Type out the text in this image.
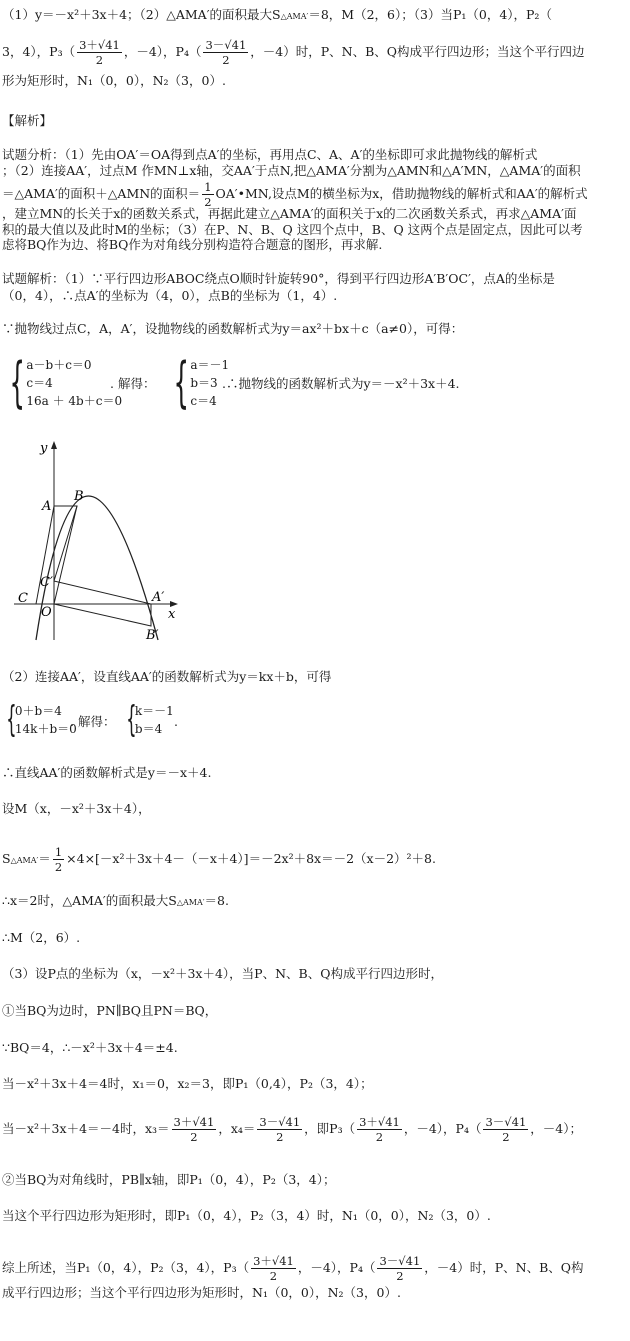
（1）y＝－x²＋3x＋4；（2）△AMA′的面积最大S△AMA′＝8，M（2，6）；（3）当P₁（0，4），P₂（
3，4），$P_3( \frac{3+√41}{2}$ ，－4），$P_4( \frac{3-√41}{2}$ ，－4）时，P、N、B、Q构成平行四边形；当这个平行四边
形为矩形时，N₁（0，0），N₂（3，0）.
【解析】
试题分析：（1）先由OA′＝OA得到点A′的坐标，再用点C、A、A′的坐标即可求此抛物线的解析式
；（2）连接AA′，过点M 作MN⊥x轴，交AA′于点N,把△AMA′分割为△AMN和△A′MN，△AMA′的面积
＝△AMA′的面积＋△AMN的面积＝ $\frac{1}{2}$ OA′•MN,设点M的横坐标为x，借助抛物线的解析式和AA′的解析式
，建立MN的长关于x的函数关系式，再据此建立△AMA′的面积关于x的二次函数关系式，再求△AMA′面
积的最大值以及此时M的坐标；（3）在P、N、B、Q 这四个点中，B、Q 这两个点是固定点，因此可以考
虑将BQ作为边、将BQ作为对角线分别构造符合题意的图形，再求解.
试题解析：（1）∵平行四边形ABOC绕点O顺时针旋转90°，得到平行四边形A′B′OC′，点A的坐标是
（0，4），∴点A′的坐标为（4，0），点B的坐标为（1，4）.
∵抛物线过点C，A，A′，设抛物线的函数解析式为y＝ax²＋bx＋c（a≠0），可得：
{ a－b＋c＝0
c＝4
16a ＋ 4b＋c＝0
. 解得： { a＝－1
b＝3
c＝4
.∴抛物线的函数解析式为y＝－x²＋3x＋4.
y
x
A
B
C
O
C′
A′
B′
（2）连接AA′，设直线AA′的函数解析式为y＝kx＋b，可得
{
0＋b＝4
14k＋b＝0
. 解得： {
k＝－1
b＝4 .
∴直线AA′的函数解析式是y＝－x＋4.
设M（x，－x²＋3x＋4），
S△AMA′＝ $\frac{1}{2} \times 4\times[-x^2+3x+4-(-x+4)]=-2x^2+8x=-2(x-2)^2+8$.
∴x＝2时，△AMA′的面积最大S△AMA′＝8.
∴M（2，6）.
（3）设P点的坐标为（x，－x²＋3x＋4），当P、N、B、Q构成平行四边形时，
①当BQ为边时，PN∥BQ且PN＝BQ，
∵BQ＝4，∴－x²＋3x＋4＝±4.
当－x²＋3x＋4＝4时，x₁＝0，x₂＝3，即P₁（0,4），P₂（3，4）；
当－x²＋3x＋4＝－4时，$x_3= \frac{3+√41}{2}$ ，$x_4= \frac{3-√41}{2}$ ，即$P_3( \frac{3+√41}{2}$ ，－4），$P_4( \frac{3-√41}{2}$ ，－4）；
②当BQ为对角线时，PB∥x轴，即P₁（0，4），P₂（3，4）；
当这个平行四边形为矩形时，即P₁（0，4），P₂（3，4）时，N₁（0，0），N₂（3，0）.
综上所述，当P₁（0，4），P₂（3，4），$P_3( \frac{3+√41}{2}$ ，－4），$P_4( \frac{3-√41}{2}$ ，－4）时，P、N、B、Q构
成平行四边形；当这个平行四边形为矩形时，N₁（0，0），N₂（3，0）.
